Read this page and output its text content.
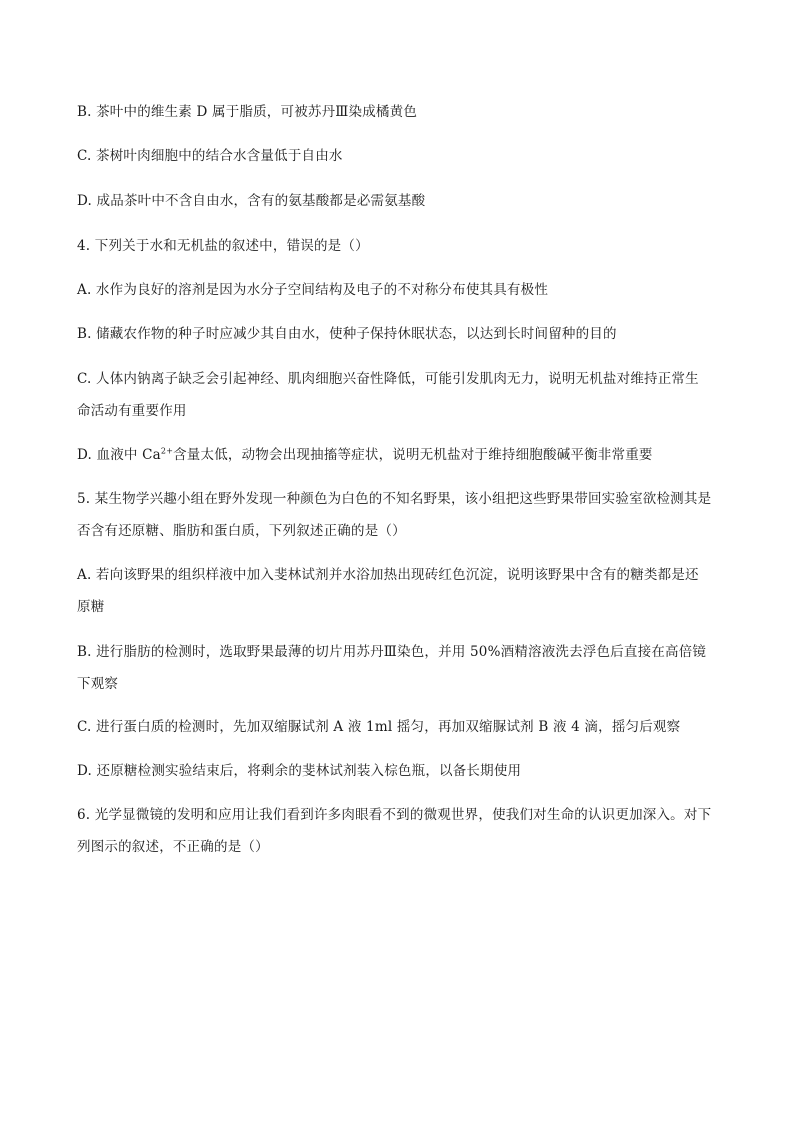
B. 茶叶中的维生素 D 属于脂质，可被苏丹Ⅲ染成橘黄色
C. 茶树叶肉细胞中的结合水含量低于自由水
D. 成品茶叶中不含自由水，含有的氨基酸都是必需氨基酸
4. 下列关于水和无机盐的叙述中，错误的是（）
A. 水作为良好的溶剂是因为水分子空间结构及电子的不对称分布使其具有极性
B. 储藏农作物的种子时应减少其自由水，使种子保持休眠状态，以达到长时间留种的目的
C. 人体内钠离子缺乏会引起神经、肌肉细胞兴奋性降低，可能引发肌肉无力，说明无机盐对维持正常生
命活动有重要作用
D. 血液中 $Ca^{2+}$含量太低，动物会出现抽搐等症状，说明无机盐对于维持细胞酸碱平衡非常重要
5. 某生物学兴趣小组在野外发现一种颜色为白色的不知名野果，该小组把这些野果带回实验室欲检测其是
否含有还原糖、脂肪和蛋白质，下列叙述正确的是（）
A. 若向该野果的组织样液中加入斐林试剂并水浴加热出现砖红色沉淀，说明该野果中含有的糖类都是还
原糖
B. 进行脂肪的检测时，选取野果最薄的切片用苏丹Ⅲ染色，并用 50%酒精溶液洗去浮色后直接在高倍镜
下观察
C. 进行蛋白质的检测时，先加双缩脲试剂 A 液 1ml 摇匀，再加双缩脲试剂 B 液 4 滴，摇匀后观察
D. 还原糖检测实验结束后，将剩余的斐林试剂装入棕色瓶，以备长期使用
6. 光学显微镜的发明和应用让我们看到许多肉眼看不到的微观世界，使我们对生命的认识更加深入。对下
列图示的叙述，不正确的是（）
